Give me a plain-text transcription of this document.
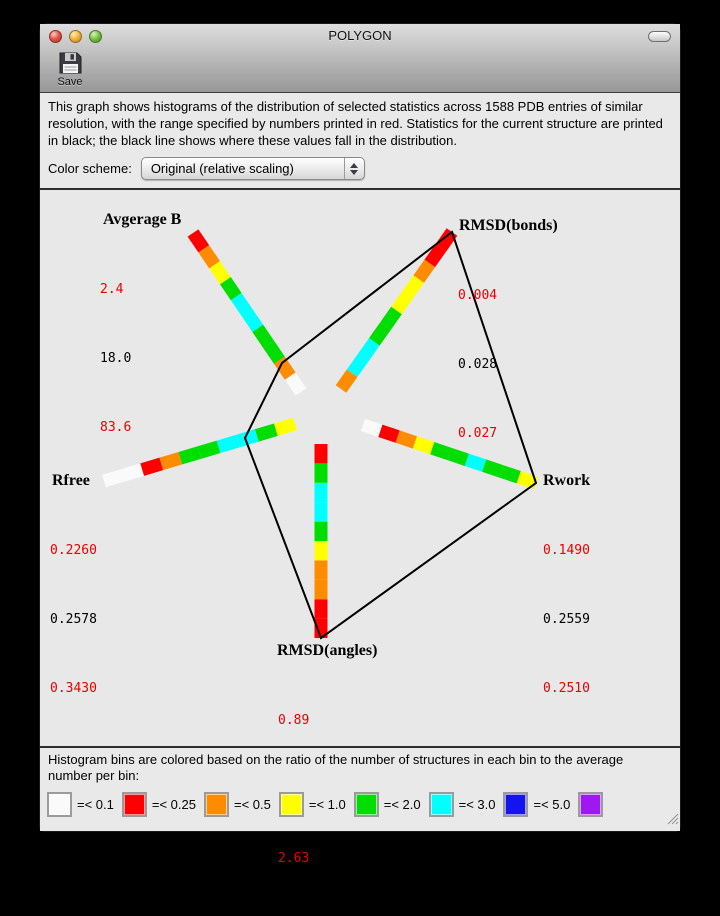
POLYGON
Save
This graph shows histograms of the distribution of selected statistics across 1588 PDB entries of similar resolution, with the range specified by numbers printed in red. Statistics for the current structure are printed in black; the black line shows where these values fall in the distribution.
Color scheme:	Original (relative scaling)
Avgerage B

2.4

18.0

83.6

RMSD(bonds)

0.004

0.028

0.027

Rwork

0.1490

0.2559

0.2510

RMSD(angles)

0.89

2.63

Rfree

0.2260

0.2578

0.3430

Histogram bins are colored based on the ratio of the number of structures in each bin to the average number per bin:
=< 0.1	=< 0.25	=< 0.5	=< 1.0	=< 2.0	=< 3.0	=< 5.0
